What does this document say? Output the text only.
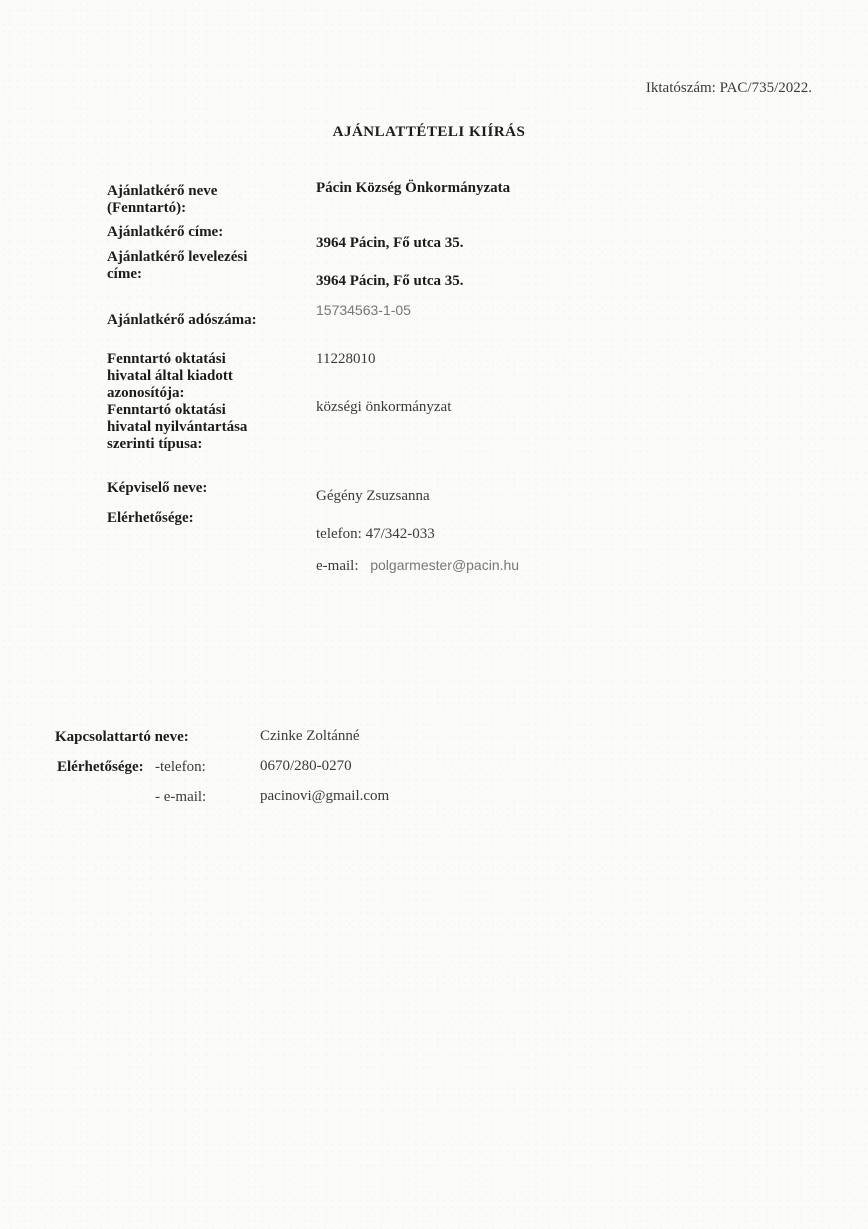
Iktatószám: PAC/735/2022.
AJÁNLATTÉTELI KIÍRÁS
Ajánlatkérő neve (Fenntartó):
Pácin Község Önkormányzata
Ajánlatkérő címe:
3964 Pácin, Fő utca 35.
Ajánlatkérő levelezési címe:	3964 Pácin, Fő utca 35.
Ajánlatkérő adószáma:
15734563-1-05
Fenntartó oktatási hivatal által kiadott azonosítója:
11228010
Fenntartó oktatási hivatal nyilvántartása szerinti típusa:
községi önkormányzat
Képviselő neve:	Gégény Zsuzsanna
Elérhetősége:
telefon: 47/342-033
e-mail: polgarmester@pacin.hu
Kapcsolattartó neve:	Czinke Zoltánné
Elérhetősége: -telefon:	0670/280-0270
- e-mail:	pacinovi@gmail.com
